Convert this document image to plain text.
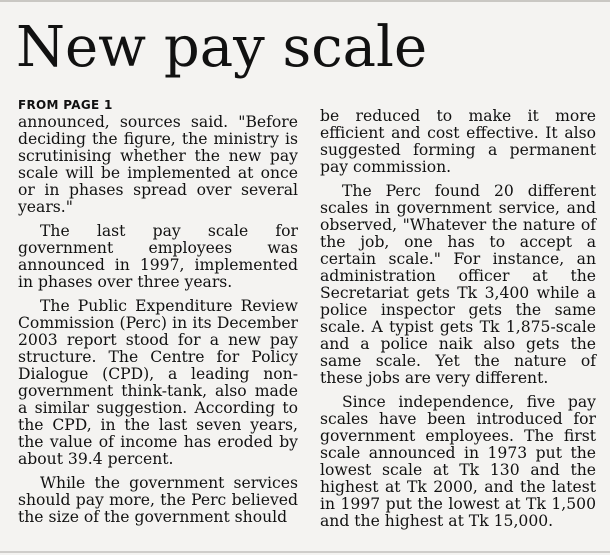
New pay scale
FROM PAGE 1

announced, sources said. "Before deciding the figure, the ministry is scrutinising whether the new pay scale will be implemented at once or in phases spread over several years."

The last pay scale for government employees was announced in 1997, implemented in phases over three years.

The Public Expenditure Review Commission (Perc) in its December 2003 report stood for a new pay structure. The Centre for Policy Dialogue (CPD), a leading non-government think-tank, also made a similar suggestion. According to the CPD, in the last seven years, the value of income has eroded by about 39.4 percent.

While the government services should pay more, the Perc believed the size of the government should

be reduced to make it more efficient and cost effective. It also suggested forming a permanent pay commission.

The Perc found 20 different scales in government service, and observed, "Whatever the nature of the job, one has to accept a certain scale." For instance, an administration officer at the Secretariat gets Tk 3,400 while a police inspector gets the same scale. A typist gets Tk 1,875-scale and a police naik also gets the same scale. Yet the nature of these jobs are very different.

Since independence, five pay scales have been introduced for government employees. The first scale announced in 1973 put the lowest scale at Tk 130 and the highest at Tk 2000, and the latest in 1997 put the lowest at Tk 1,500 and the highest at Tk 15,000.
